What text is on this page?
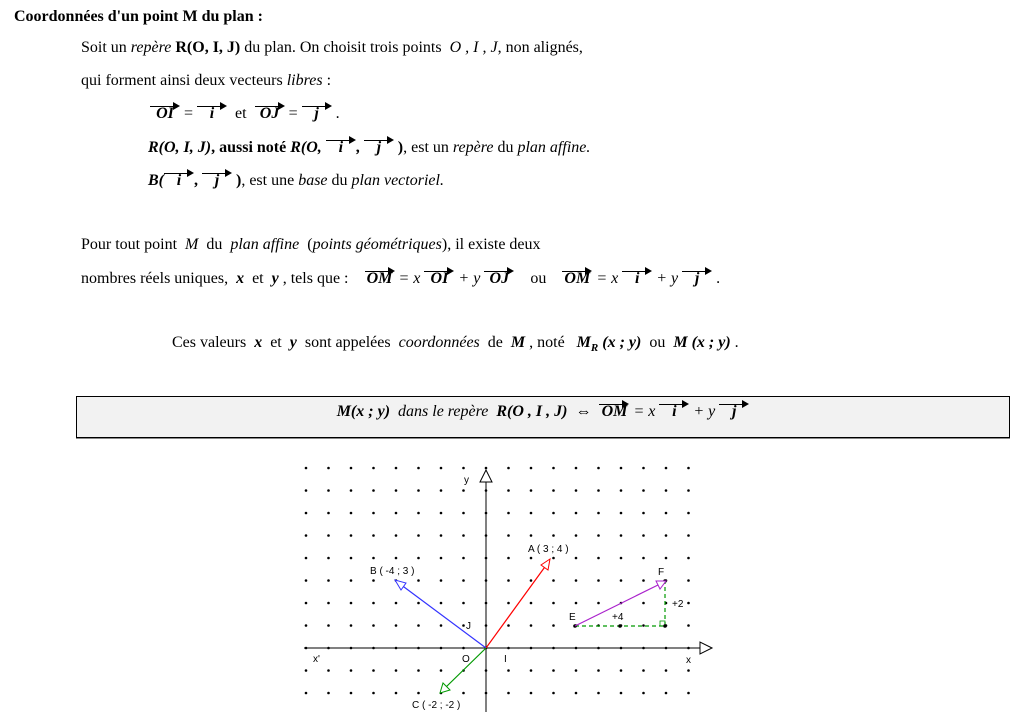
Coordonnées d'un point M du plan :
Soit un repère R(O, I, J) du plan. On choisit trois points O , I , J, non alignés,
qui forment ainsi deux vecteurs libres :
OI = i et OJ = j .
R(O, I, J), aussi noté R(O, i , j ), est un repère du plan affine.
B( i , j ), est une base du plan vectoriel.
Pour tout point M du plan affine (points géométriques), il existe deux
nombres réels uniques, x et y , tels que : OM = x OI + y OJ ou OM = x i + y j .
Ces valeurs x et y sont appelées coordonnées de M , noté $M_R$ (x ; y) ou M (x ; y) .
M(x ; y) dans le repère R(O , I , J) ⇔ OM = x i + y j
y
x
x'	O	I
J
A ( 3 ; 4 )
B ( -4 ; 3 )
C ( -2 ; -2 )
E
F
+4
+2
